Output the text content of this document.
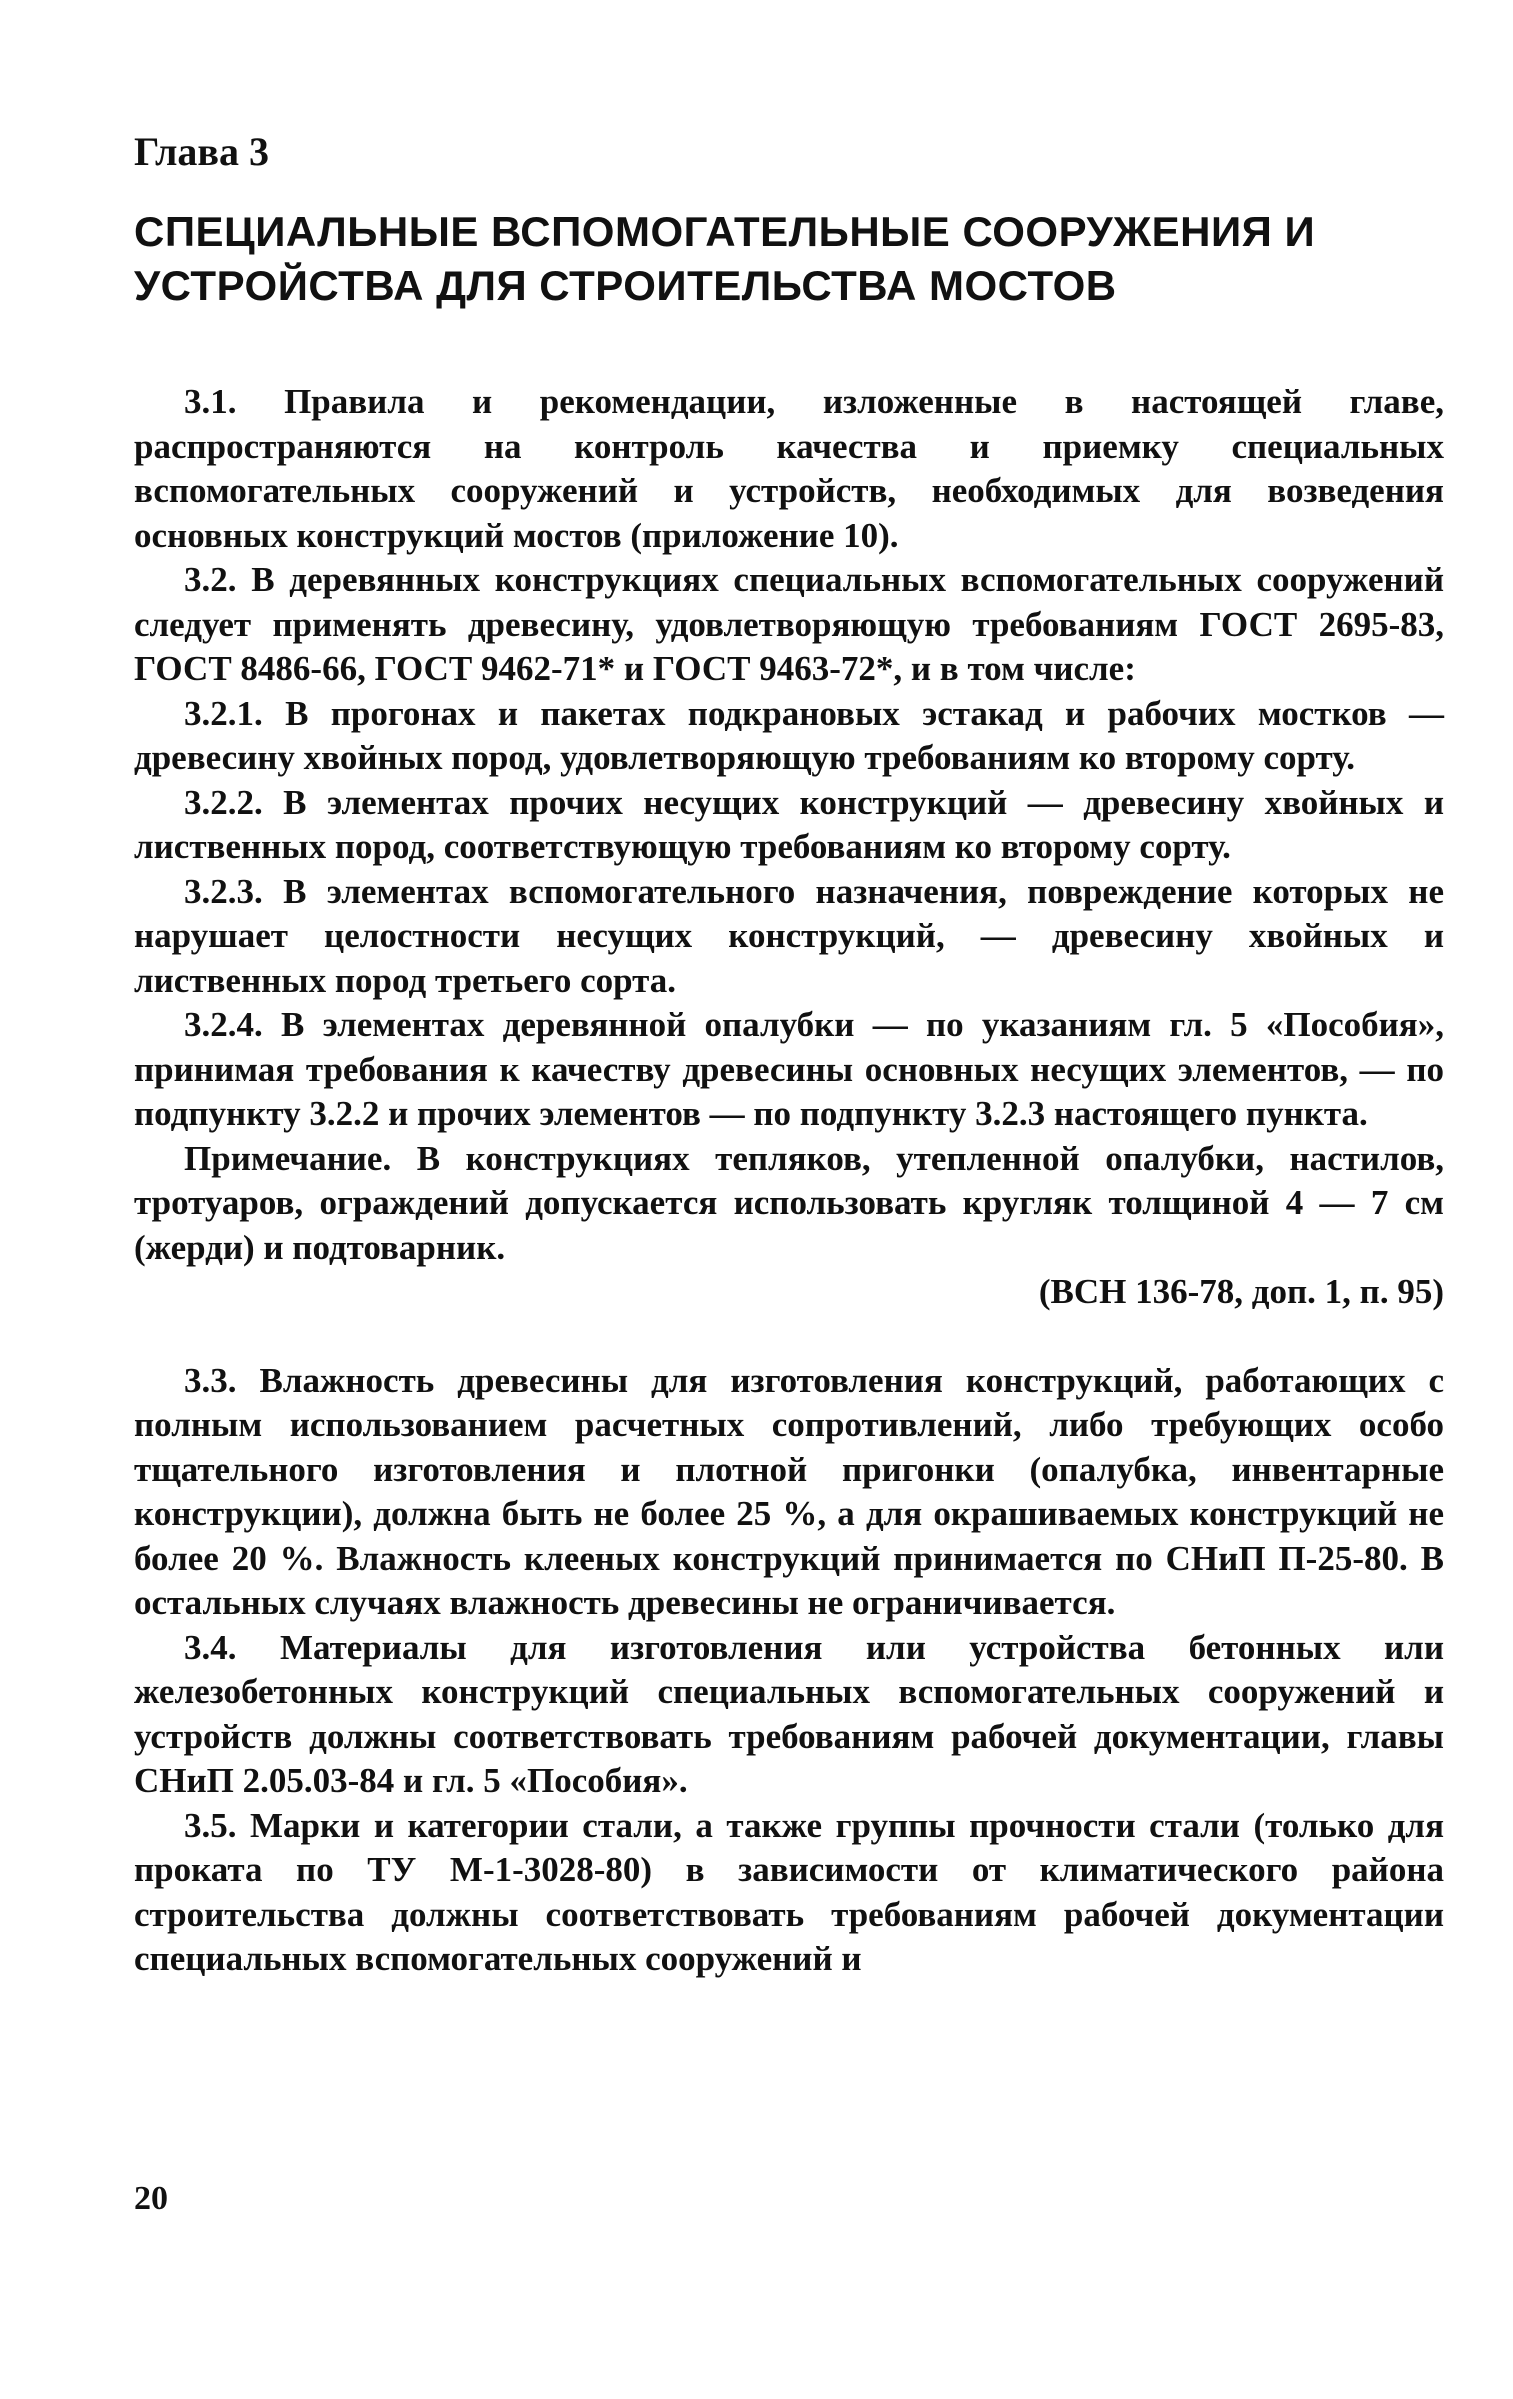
Глава 3
СПЕЦИАЛЬНЫЕ ВСПОМОГАТЕЛЬНЫЕ СООРУЖЕНИЯ И УСТРОЙСТВА ДЛЯ СТРОИТЕЛЬСТВА МОСТОВ

3.1. Правила и рекомендации, изложенные в настоящей главе, распространяются на контроль качества и приемку специальных вспомогательных сооружений и устройств, необходимых для возведения основных конструкций мостов (приложение 10).

3.2. В деревянных конструкциях специальных вспомогательных сооружений следует применять древесину, удовлетворяющую требованиям ГОСТ 2695-83, ГОСТ 8486-66, ГОСТ 9462-71* и ГОСТ 9463-72*, и в том числе:

3.2.1. В прогонах и пакетах подкрановых эстакад и рабочих мостков — древесину хвойных пород, удовлетворяющую требованиям ко второму сорту.

3.2.2. В элементах прочих несущих конструкций — древесину хвойных и лиственных пород, соответствующую требованиям ко второму сорту.

3.2.3. В элементах вспомогательного назначения, повреждение которых не нарушает целостности несущих конструкций, — древесину хвойных и лиственных пород третьего сорта.

3.2.4. В элементах деревянной опалубки — по указаниям гл. 5 «Пособия», принимая требования к качеству древесины основных несущих элементов, — по подпункту 3.2.2 и прочих элементов — по подпункту 3.2.3 настоящего пункта.

Примечание. В конструкциях тепляков, утепленной опалубки, настилов, тротуаров, ограждений допускается использовать кругляк толщиной 4 — 7 см (жерди) и подтоварник.

(ВСН 136-78, доп. 1, п. 95)

3.3. Влажность древесины для изготовления конструкций, работающих с полным использованием расчетных сопротивлений, либо требующих особо тщательного изготовления и плотной пригонки (опалубка, инвентарные конструкции), должна быть не более 25 %, а для окрашиваемых конструкций не более 20 %. Влажность клееных конструкций принимается по СНиП П-25-80. В остальных случаях влажность древесины не ограничивается.

3.4. Материалы для изготовления или устройства бетонных или железобетонных конструкций специальных вспомогательных сооружений и устройств должны соответствовать требованиям рабочей документации, главы СНиП 2.05.03-84 и гл. 5 «Пособия».

3.5. Марки и категории стали, а также группы прочности стали (только для проката по ТУ М-1-3028-80) в зависимости от климатического района строительства должны соответствовать требованиям рабочей документации специальных вспомогательных сооружений и

20
